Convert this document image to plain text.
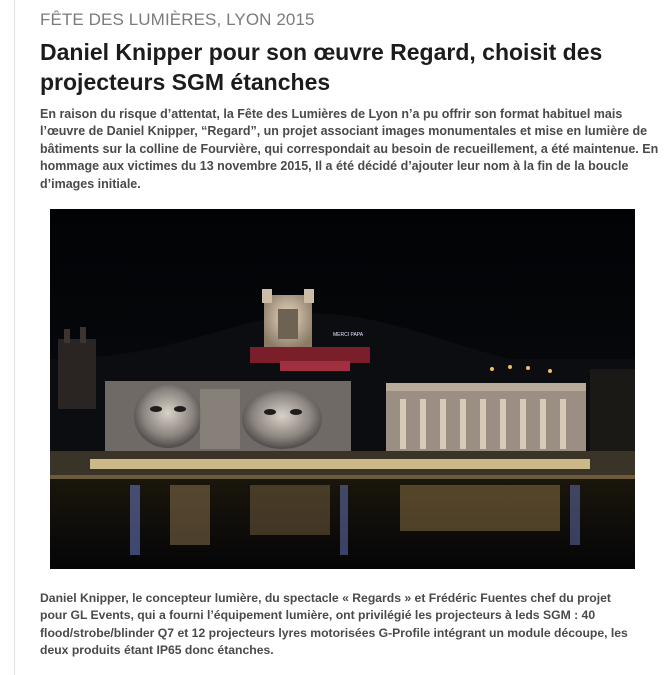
FÊTE DES LUMIÈRES, LYON 2015

Daniel Knipper pour son œuvre Regard, choisit des projecteurs SGM étanches

En raison du risque d’attentat, la Fête des Lumières de Lyon n’a pu offrir son format habituel mais l’œuvre de Daniel Knipper, “Regard”, un projet associant images monumentales et mise en lumière de bâtiments sur la colline de Fourvière, qui correspondait au besoin de recueillement, a été maintenue. En hommage aux victimes du 13 novembre 2015, Il a été décidé d’ajouter leur nom à la fin de la boucle d’images initiale.

MERCI PAPA

Daniel Knipper, le concepteur lumière, du spectacle « Regards » et Frédéric Fuentes chef du projet pour GL Events, qui a fourni l’équipement lumière, ont privilégié les projecteurs à leds SGM : 40 flood/strobe/blinder Q7 et 12 projecteurs lyres motorisées G-Profile intégrant un module découpe, les deux produits étant IP65 donc étanches.
